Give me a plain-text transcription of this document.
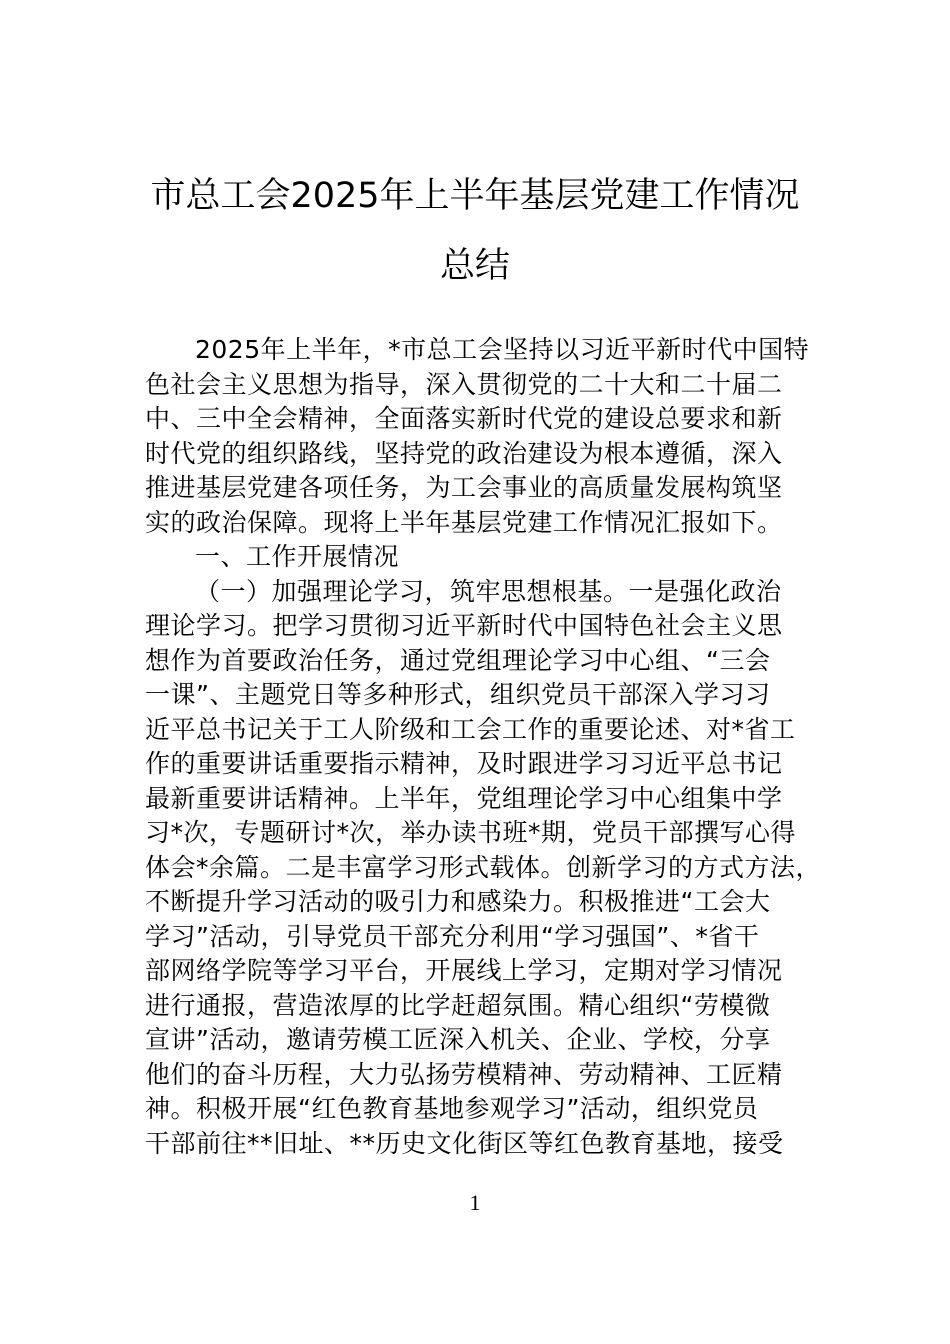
市总工会2025年上半年基层党建工作情况
总结
2025年上半年，*市总工会坚持以习近平新时代中国特
色社会主义思想为指导，深入贯彻党的二十大和二十届二
中、三中全会精神，全面落实新时代党的建设总要求和新
时代党的组织路线，坚持党的政治建设为根本遵循，深入
推进基层党建各项任务，为工会事业的高质量发展构筑坚
实的政治保障。现将上半年基层党建工作情况汇报如下。
一、工作开展情况
（一）加强理论学习，筑牢思想根基。一是强化政治
理论学习。把学习贯彻习近平新时代中国特色社会主义思
想作为首要政治任务，通过党组理论学习中心组、“三会
一课”、主题党日等多种形式，组织党员干部深入学习习
近平总书记关于工人阶级和工会工作的重要论述、对*省工
作的重要讲话重要指示精神，及时跟进学习习近平总书记
最新重要讲话精神。上半年，党组理论学习中心组集中学
习*次，专题研讨*次，举办读书班*期，党员干部撰写心得
体会*余篇。二是丰富学习形式载体。创新学习的方式方法，
不断提升学习活动的吸引力和感染力。积极推进“工会大
学习”活动，引导党员干部充分利用“学习强国”、*省干
部网络学院等学习平台，开展线上学习，定期对学习情况
进行通报，营造浓厚的比学赶超氛围。精心组织“劳模微
宣讲”活动，邀请劳模工匠深入机关、企业、学校，分享
他们的奋斗历程，大力弘扬劳模精神、劳动精神、工匠精
神。积极开展“红色教育基地参观学习”活动，组织党员
干部前往**旧址、**历史文化街区等红色教育基地，接受
1
